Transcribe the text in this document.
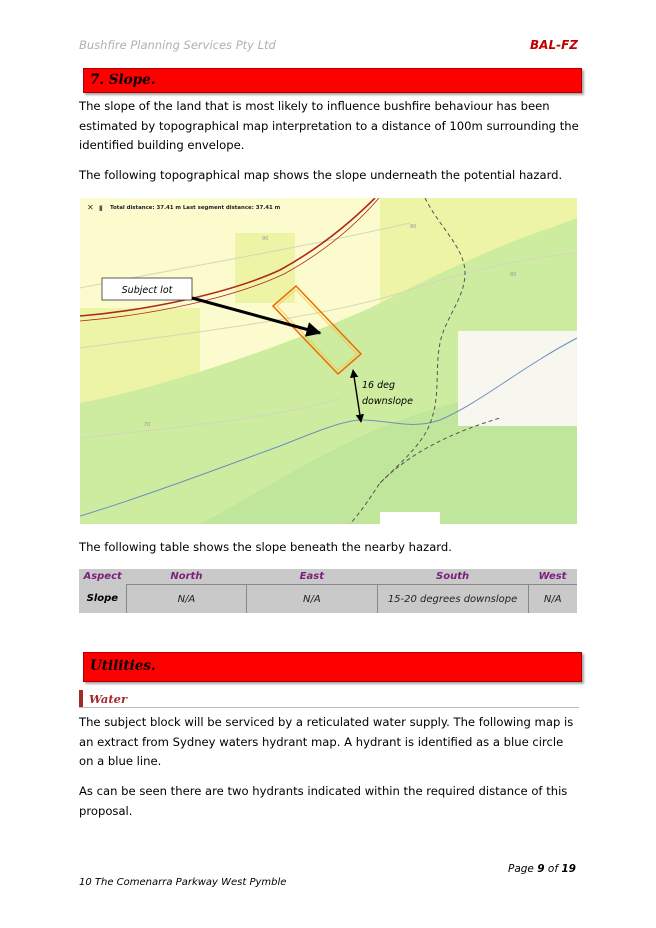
Bushfire Planning Services Pty Ltd	BAL-FZ
7. Slope.
The slope of the land that is most likely to influence bushfire behaviour has been estimated by topographical map interpretation to a distance of 100m surrounding the identified building envelope.
The following topographical map shows the slope underneath the potential hazard.
90
80
70
80
✕ ▮ Total distance: 37.41 m Last segment distance: 37.41 m
Subject lot
16 deg
downslope
The following table shows the slope beneath the nearby hazard.
Aspect	North	East	South	West
Slope	N/A	N/A	15-20 degrees downslope	N/A
Utilities.
Water
The subject block will be serviced by a reticulated water supply. The following map is an extract from Sydney waters hydrant map. A hydrant is identified as a blue circle on a blue line.
As can be seen there are two hydrants indicated within the required distance of this proposal.
Page 9 of 19
10 The Comenarra Parkway West Pymble
